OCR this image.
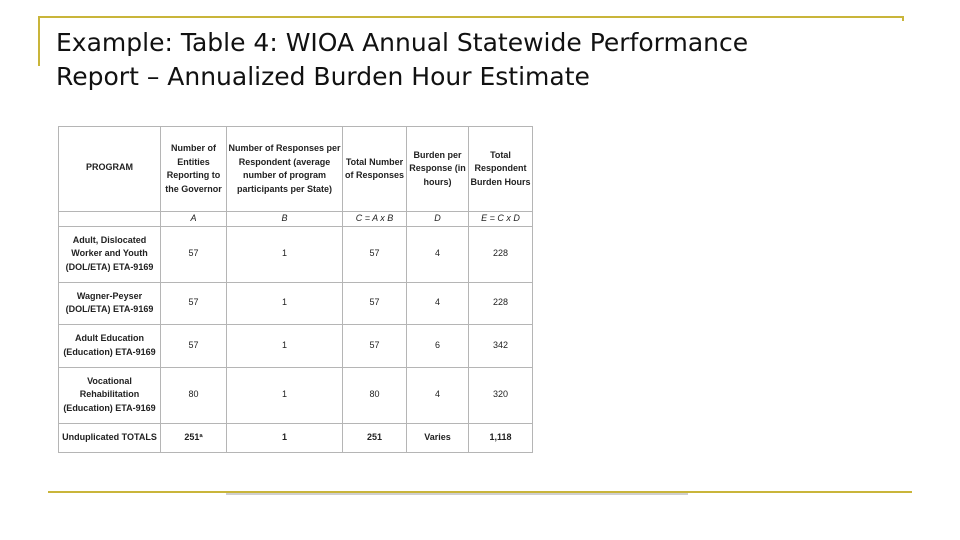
Example: Table 4: WIOA Annual Statewide Performance
Report – Annualized Burden Hour Estimate
PROGRAM	Number of Entities Reporting to the Governor	Number of Responses per Respondent (average number of program participants per State)	Total Number of Responses	Burden per Response (in hours)	Total Respondent Burden Hours
	A	B	C = A x B	D	E = C x D
Adult, Dislocated Worker and Youth (DOL/ETA) ETA-9169	57	1	57	4	228
Wagner-Peyser (DOL/ETA) ETA-9169	57	1	57	4	228
Adult Education (Education) ETA-9169	57	1	57	6	342
Vocational Rehabilitation (Education) ETA-9169	80	1	80	4	320
Unduplicated TOTALS	251ª	1	251	Varies	1,118
